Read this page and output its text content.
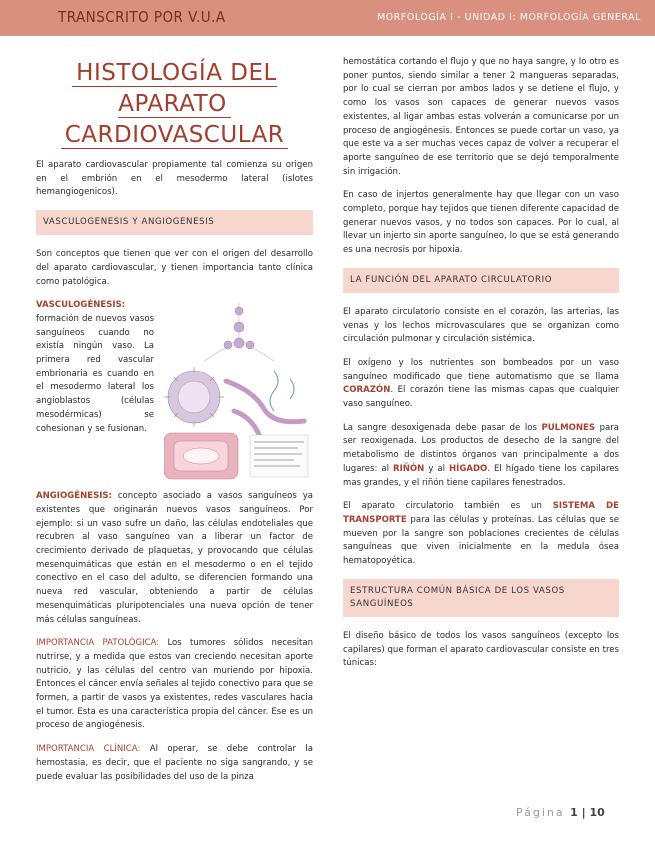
TRANSCRITO POR V.U.A	MORFOLOGÍA I - UNIDAD I: MORFOLOGÍA GENERAL
HISTOLOGÍA DEL APARATO
CARDIOVASCULAR

El aparato cardiovascular propiamente tal comienza su origen en el embrión en el mesodermo lateral (islotes hemangiogenicos).

VASCULOGENESIS Y ANGIOGENESIS

Son conceptos que tienen que ver con el origen del desarrollo del aparato cardiovascular, y tienen importancia tanto clínica como patológica.

VASCULOGÉNESIS:
formación de nuevos vasos sanguíneos cuando no existía ningún vaso. La primera red vascular embrionaria es cuando en el mesodermo lateral los angioblastos (células mesodérmicas) se cohesionan y se fusionan.

ANGIOGÉNESIS: concepto asociado a vasos sanguíneos ya existentes que originarán nuevos vasos sanguíneos. Por ejemplo: si un vaso sufre un daño, las células endoteliales que recubren al vaso sanguíneo van a liberar un factor de crecimiento derivado de plaquetas, y provocando que células mesenquimáticas que están en el mesodermo o en el tejido conectivo en el caso del adulto, se diferencien formando una nueva red vascular, obteniendo a partir de células mesenquimáticas pluripotenciales una nueva opción de tener más células sanguíneas.

IMPORTANCIA PATOLÓGICA: Los tumores sólidos necesitan nutrirse, y a medida que estos van creciendo necesitan aporte nutricio, y las células del centro van muriendo por hipoxia. Entonces el cáncer envía señales al tejido conectivo para que se formen, a partir de vasos ya existentes, redes vasculares hacia el tumor. Esta es una característica propia del cáncer. Ese es un proceso de angiogénesis.

IMPORTANCIA CLÍNICA: Al operar, se debe controlar la hemostasia, es decir, que el paciente no siga sangrando, y se puede evaluar las posibilidades del uso de la pinza

hemostática cortando el flujo y que no haya sangre, y lo otro es poner puntos, siendo similar a tener 2 mangueras separadas, por lo cual se cierran por ambos lados y se detiene el flujo, y como los vasos son capaces de generar nuevos vasos existentes, al ligar ambas estas volverán a comunicarse por un proceso de angiogénesis. Entonces se puede cortar un vaso, ya que este va a ser muchas veces capaz de volver a recuperar el aporte sanguíneo de ese territorio que se dejó temporalmente sin irrigación.

En caso de injertos generalmente hay que llegar con un vaso completo, porque hay tejidos que tienen diferente capacidad de generar nuevos vasos, y no todos son capaces. Por lo cual, al llevar un injerto sin aporte sanguíneo, lo que se está generando es una necrosis por hipoxia.

LA FUNCIÓN DEL APARATO CIRCULATORIO

El aparato circulatorio consiste en el corazón, las arterias, las venas y los lechos microvasculares que se organizan como circulación pulmonar y circulación sistémica.

El oxígeno y los nutrientes son bombeados por un vaso sanguíneo modificado que tiene automatismo que se llama CORAZÓN. El corazón tiene las mismas capas que cualquier vaso sanguíneo.

La sangre desoxigenada debe pasar de los PULMONES para ser reoxigenada. Los productos de desecho de la sangre del metabolismo de distintos órganos van principalmente a dos lugares: al RIÑÓN y al HÍGADO. El hígado tiene los capilares mas grandes, y el riñón tiene capilares fenestrados.

El aparato circulatorio también es un SISTEMA DE TRANSPORTE para las células y proteínas. Las células que se mueven por la sangre son poblaciones crecientes de células sanguíneas que viven inicialmente en la medula ósea hematopoyética.

ESTRUCTURA COMÚN BÁSICA DE LOS VASOS SANGUÍNEOS

El diseño básico de todos los vasos sanguíneos (excepto los capilares) que forman el aparato cardiovascular consiste en tres túnicas:

Página 1 | 10
